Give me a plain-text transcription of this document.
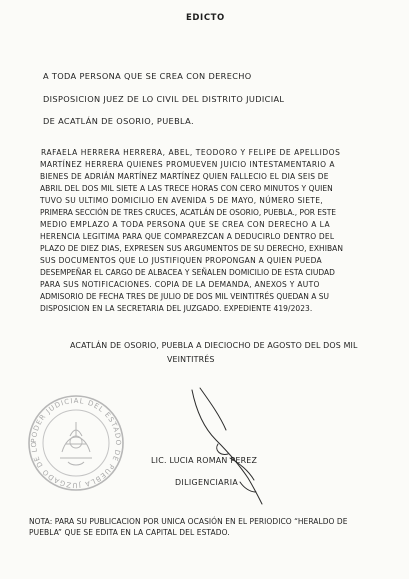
EDICTO
A TODA PERSONA QUE SE CREA CON DERECHO
DISPOSICION JUEZ DE LO CIVIL DEL DISTRITO JUDICIAL
DE ACATLÁN DE OSORIO, PUEBLA.
RAFAELA HERRERA HERRERA, ABEL, TEODORO Y FELIPE DE APELLIDOS
MARTÍNEZ HERRERA QUIENES PROMUEVEN JUICIO INTESTAMENTARIO A
BIENES DE ADRIÁN MARTÍNEZ MARTÍNEZ QUIEN FALLECIO EL DIA SEIS DE
ABRIL DEL DOS MIL SIETE A LAS TRECE HORAS CON CERO MINUTOS Y QUIEN
TUVO SU ULTIMO DOMICILIO EN AVENIDA 5 DE MAYO, NÚMERO SIETE,
PRIMERA SECCIÓN DE TRES CRUCES, ACATLÁN DE OSORIO, PUEBLA., POR ESTE
MEDIO EMPLAZO A TODA PERSONA QUE SE CREA CON DERECHO A LA
HERENCIA LEGITIMA PARA QUE COMPAREZCAN A DEDUCIRLO DENTRO DEL
PLAZO DE DIEZ DIAS, EXPRESEN SUS ARGUMENTOS DE SU DERECHO, EXHIBAN
SUS DOCUMENTOS QUE LO JUSTIFIQUEN PROPONGAN A QUIEN PUEDA
DESEMPEÑAR EL CARGO DE ALBACEA Y SEÑALEN DOMICILIO DE ESTA CIUDAD
PARA SUS NOTIFICACIONES. COPIA DE LA DEMANDA, ANEXOS Y AUTO
ADMISORIO DE FECHA TRES DE JULIO DE DOS MIL VEINTITRÉS QUEDAN A SU
DISPOSICION EN LA SECRETARIA DEL JUZGADO. EXPEDIENTE 419/2023.
ACATLÁN DE OSORIO, PUEBLA A DIECIOCHO DE AGOSTO DEL DOS MIL
VEINTITRÉS
PODER JUDICIAL DEL ESTADO DE PUEBLA JUZGADO DE LO
LIC. LUCIA ROMAN PEREZ
DILIGENCIARIA
NOTA: PARA SU PUBLICACION POR UNICA OCASIÓN EN EL PERIODICO “HERALDO DE
PUEBLA” QUE SE EDITA EN LA CAPITAL DEL ESTADO.
